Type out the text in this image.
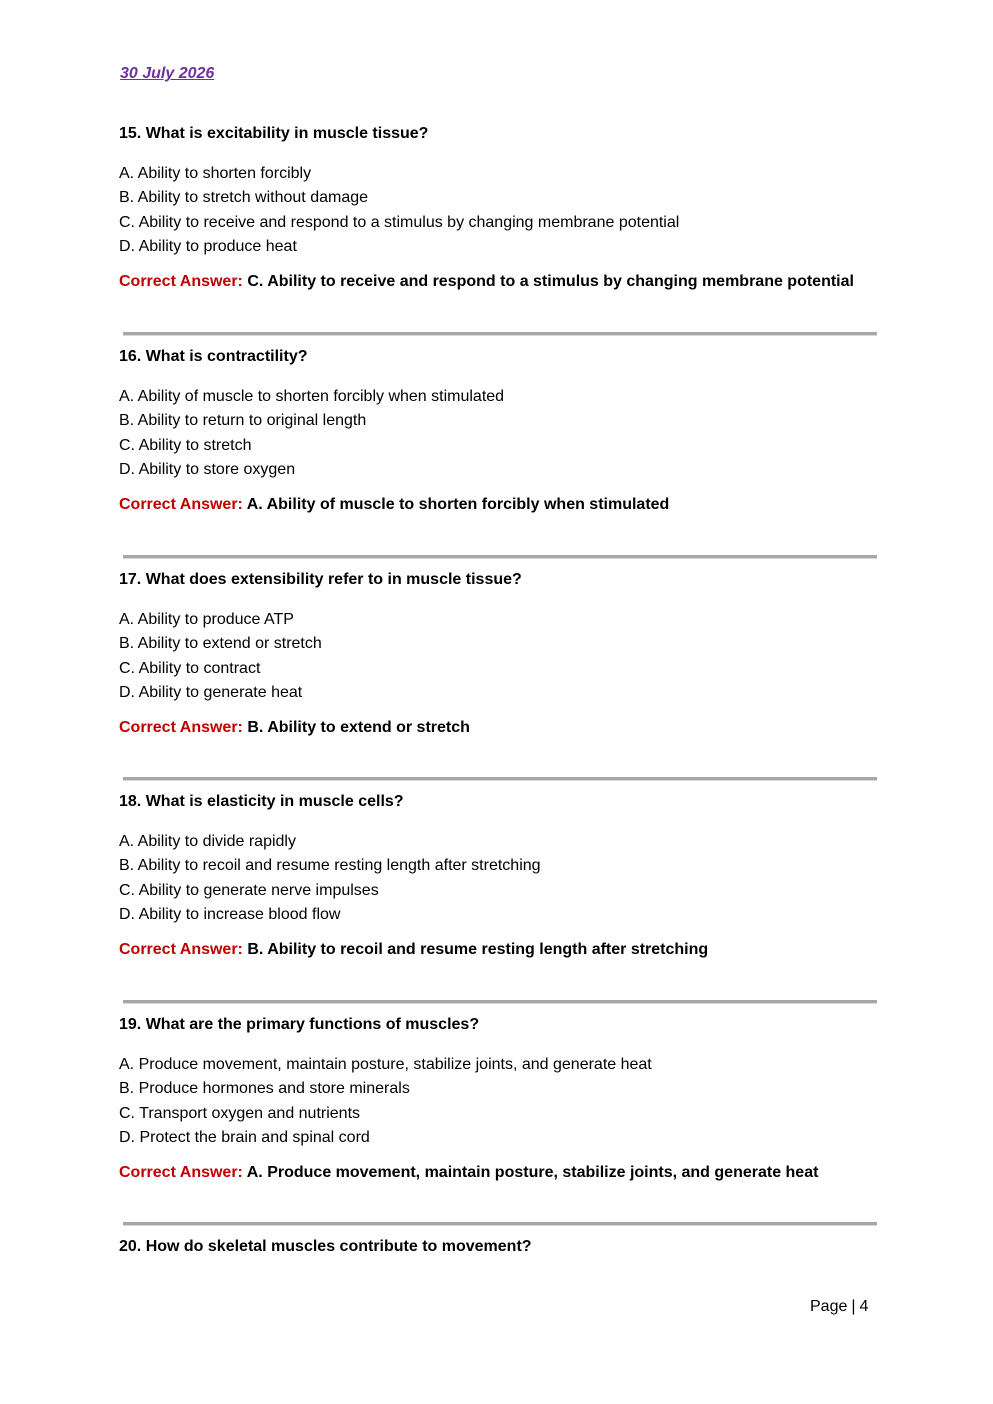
30 July 2026
15. What is excitability in muscle tissue?
A. Ability to shorten forcibly
B. Ability to stretch without damage
C. Ability to receive and respond to a stimulus by changing membrane potential
D. Ability to produce heat
Correct Answer: C. Ability to receive and respond to a stimulus by changing membrane potential
16. What is contractility?
A. Ability of muscle to shorten forcibly when stimulated
B. Ability to return to original length
C. Ability to stretch
D. Ability to store oxygen
Correct Answer: A. Ability of muscle to shorten forcibly when stimulated
17. What does extensibility refer to in muscle tissue?
A. Ability to produce ATP
B. Ability to extend or stretch
C. Ability to contract
D. Ability to generate heat
Correct Answer: B. Ability to extend or stretch
18. What is elasticity in muscle cells?
A. Ability to divide rapidly
B. Ability to recoil and resume resting length after stretching
C. Ability to generate nerve impulses
D. Ability to increase blood flow
Correct Answer: B. Ability to recoil and resume resting length after stretching
19. What are the primary functions of muscles?
A. Produce movement, maintain posture, stabilize joints, and generate heat
B. Produce hormones and store minerals
C. Transport oxygen and nutrients
D. Protect the brain and spinal cord
Correct Answer: A. Produce movement, maintain posture, stabilize joints, and generate heat
20. How do skeletal muscles contribute to movement?
Page | 4
